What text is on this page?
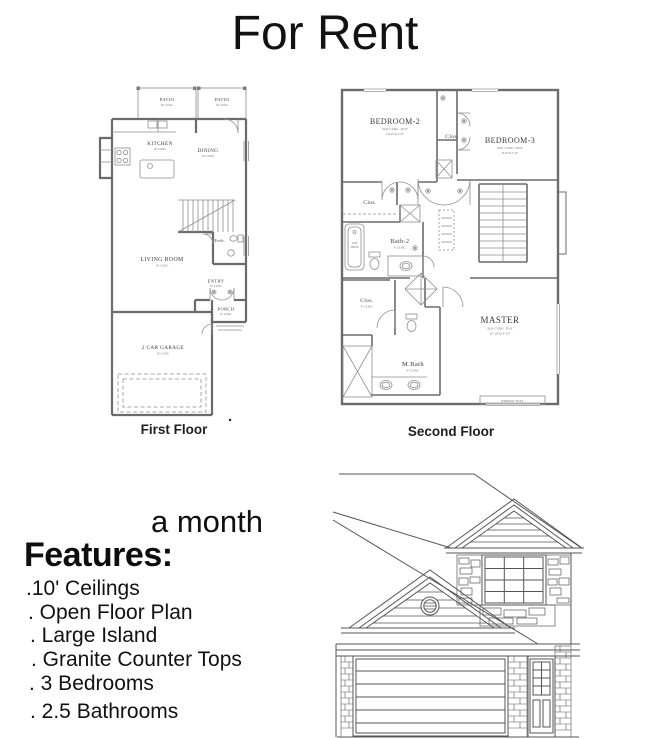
For Rent
PATIO
10' CLNG.
PATIO
10' CLNG.
KITCHEN
10' CLNG.	DINING
10' CLNG.
LIVING ROOM
10' CLNG.
Pwdr.
ENTRY
10' CLNG.
PORCH
10' CLNG.
2 CAR GARAGE
10' CLNG.
First Floor
.
BEDROOM-2
SLP. CLNG. TO 9'
10'-0"x11'-0"	Clos.	BEDROOM-3
SLP. CLNG. TO 9'
9'-0"x11'-0"
Clos.
TUB
SHWR
Bath-2
9' CLNG.
Clos.
9' CLNG.
M.Bath
9' CLNG.
MASTER
SLP. CLNG. TO 9'
12'-10"x13'-10"
WINDOW SEAT
Second Floor
a month
Features:
.10' Ceilings
. Open Floor Plan
. Large Island
. Granite Counter Tops
. 3 Bedrooms
. 2.5 Bathrooms
